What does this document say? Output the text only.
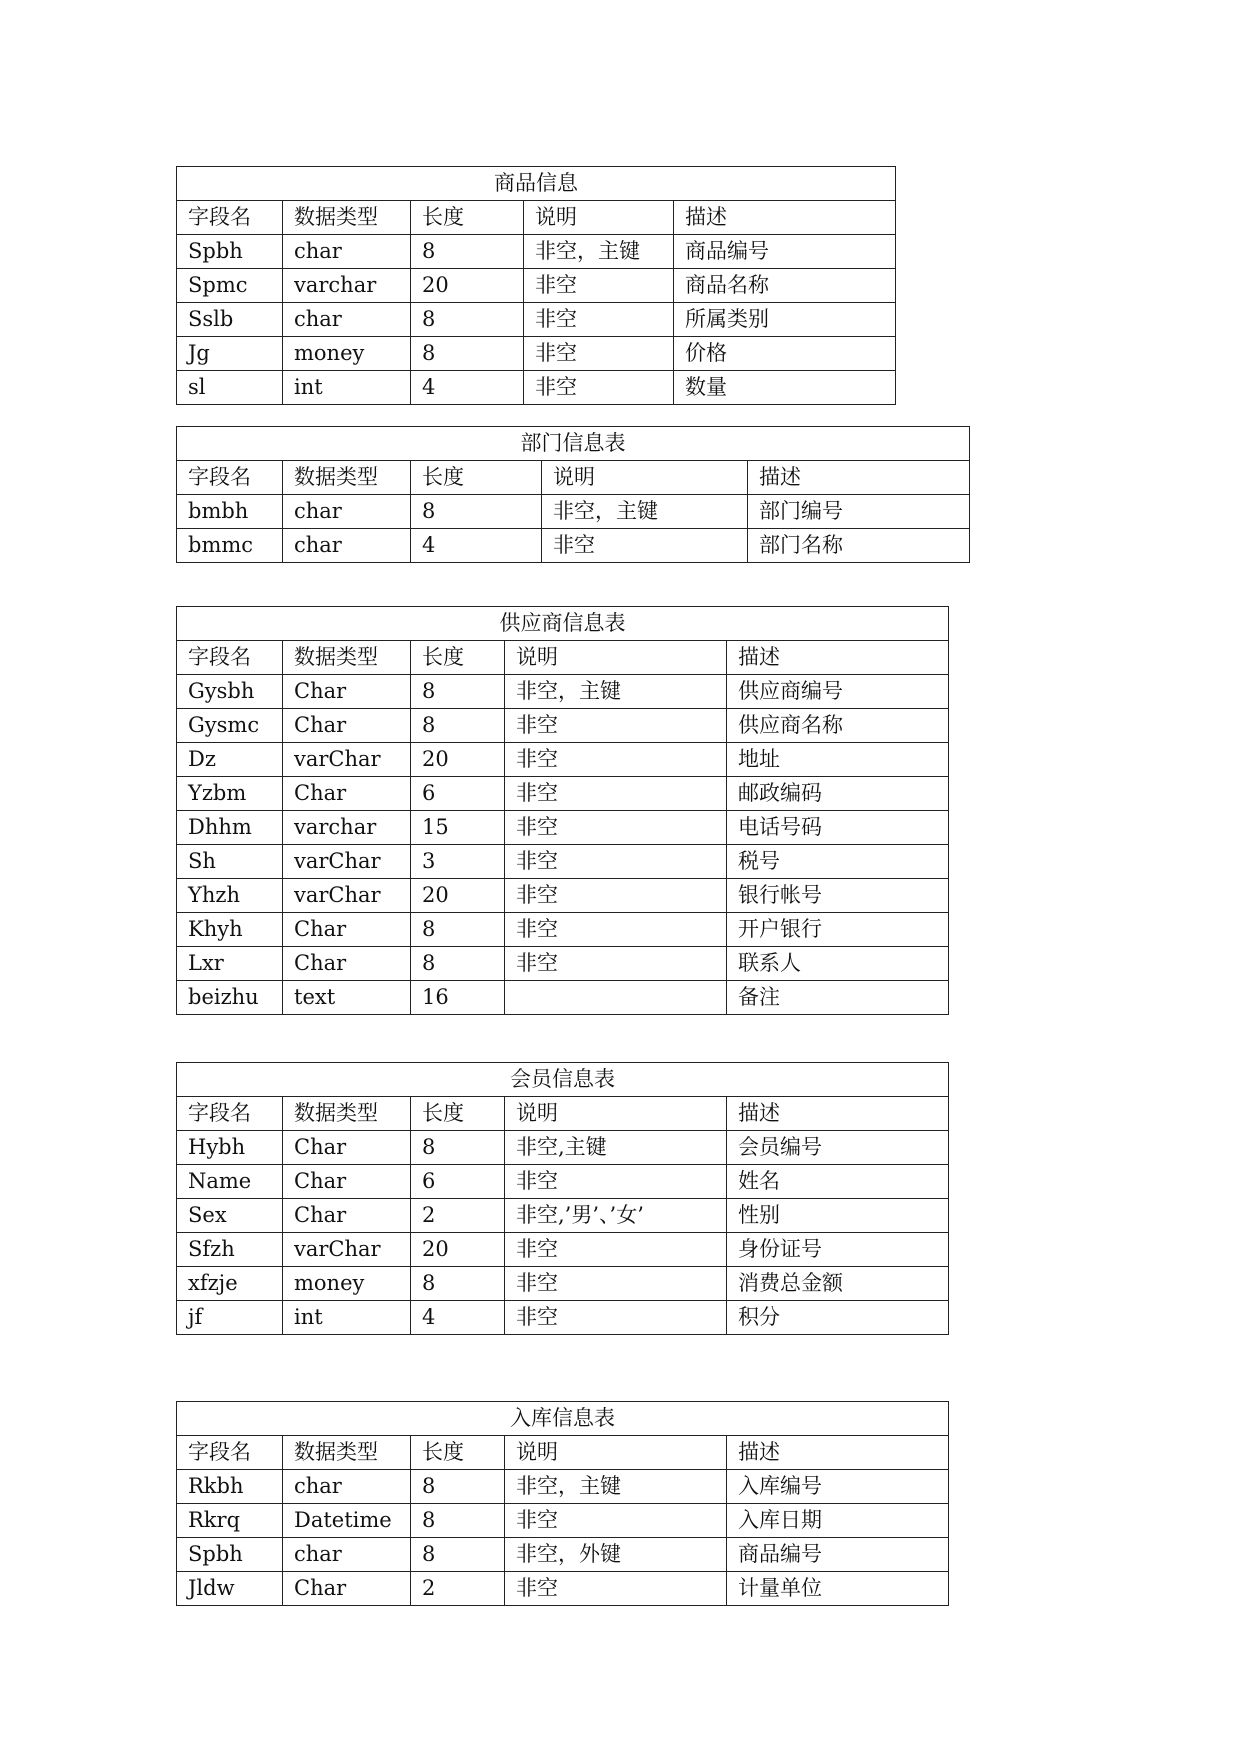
商品信息				
字段名	数据类型	长度	说明	描述
Spbh	char	8	非空，主键	商品编号
Spmc	varchar	20	非空	商品名称
Sslb	char	8	非空	所属类别
Jg	money	8	非空	价格
sl	int	4	非空	数量
部门信息表				
字段名	数据类型	长度	说明	描述
bmbh	char	8	非空，主键	部门编号
bmmc	char	4	非空	部门名称
供应商信息表				
字段名	数据类型	长度	说明	描述
Gysbh	Char	8	非空，主键	供应商编号
Gysmc	Char	8	非空	供应商名称
Dz	varChar	20	非空	地址
Yzbm	Char	6	非空	邮政编码
Dhhm	varchar	15	非空	电话号码
Sh	varChar	3	非空	税号
Yhzh	varChar	20	非空	银行帐号
Khyh	Char	8	非空	开户银行
Lxr	Char	8	非空	联系人
beizhu	text	16		备注
会员信息表				
字段名	数据类型	长度	说明	描述
Hybh	Char	8	非空,主键	会员编号
Name	Char	6	非空	姓名
Sex	Char	2	非空,’男’、’女’	性别
Sfzh	varChar	20	非空	身份证号
xfzje	money	8	非空	消费总金额
jf	int	4	非空	积分
入库信息表				
字段名	数据类型	长度	说明	描述
Rkbh	char	8	非空，主键	入库编号
Rkrq	Datetime	8	非空	入库日期
Spbh	char	8	非空，外键	商品编号
Jldw	Char	2	非空	计量单位
